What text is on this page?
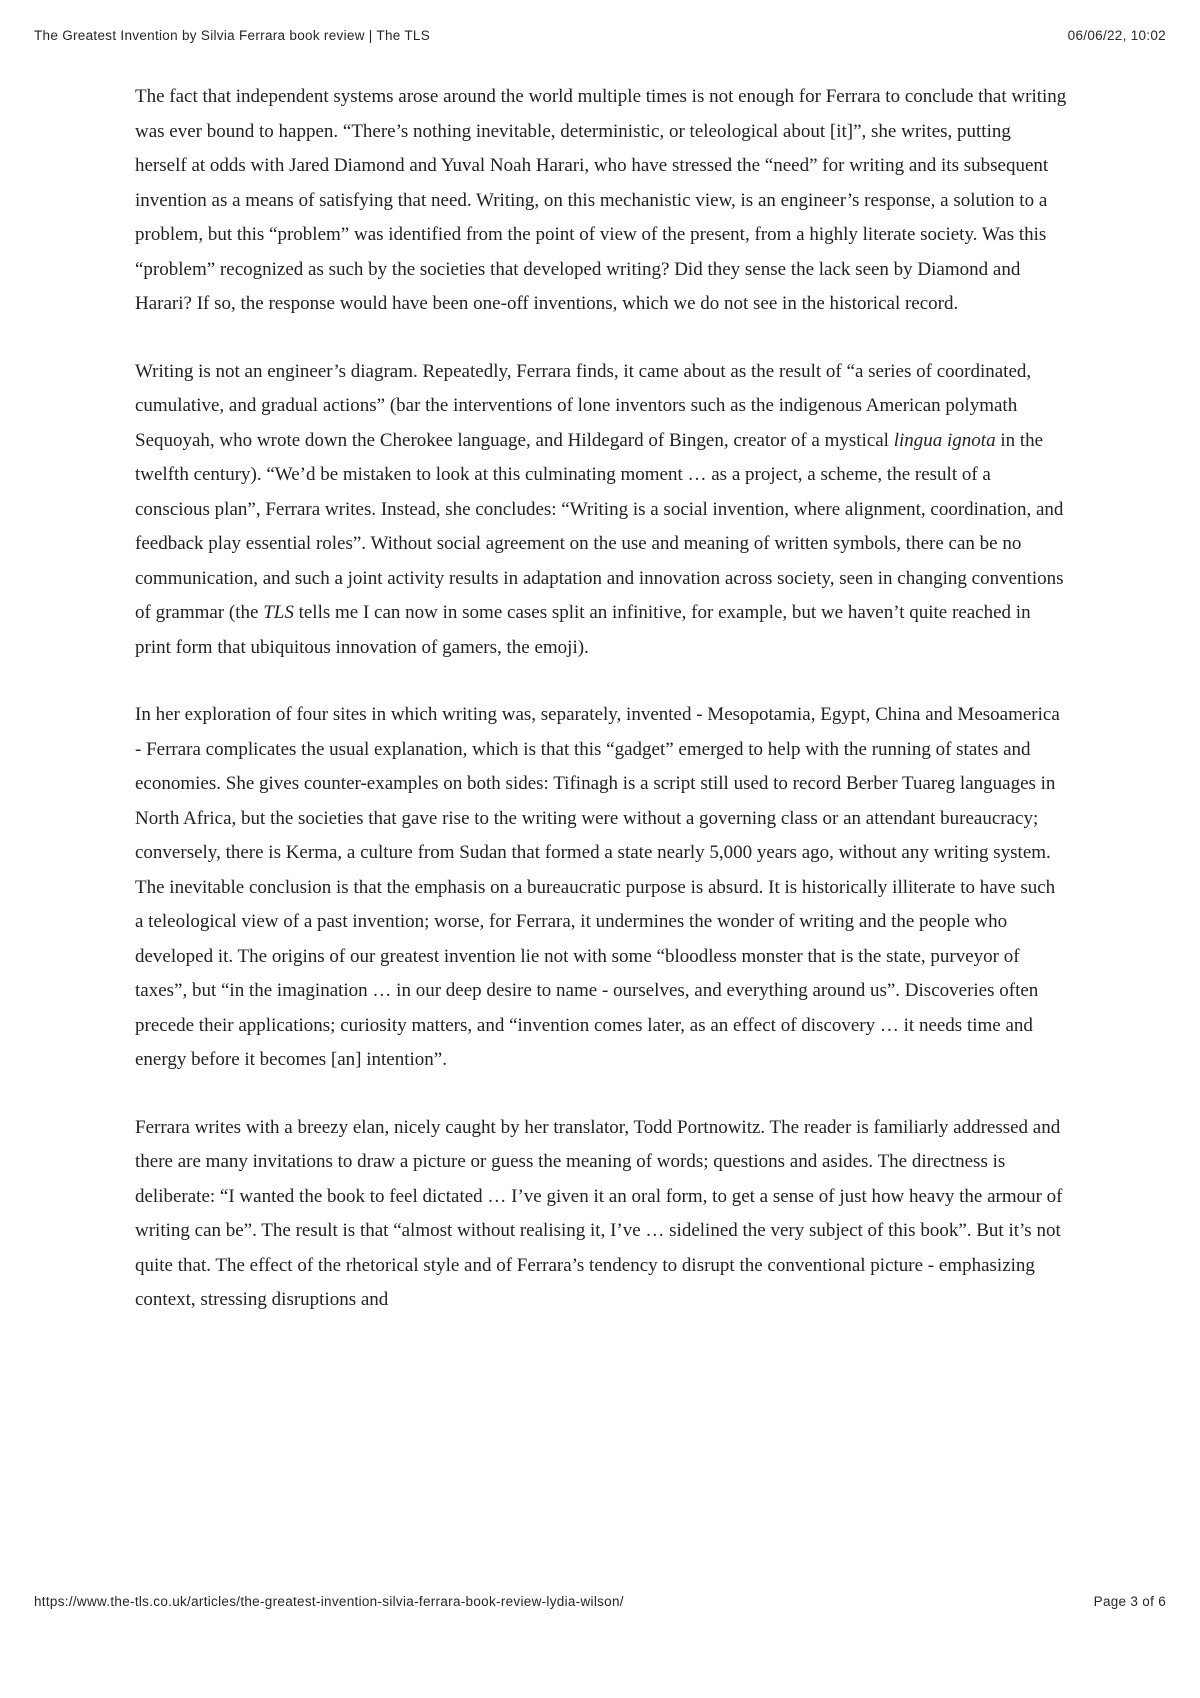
The Greatest Invention by Silvia Ferrara book review | The TLS	06/06/22, 10:02

The fact that independent systems arose around the world multiple times is not enough for Ferrara to conclude that writing was ever bound to happen. “There’s nothing inevitable, deterministic, or teleological about [it]”, she writes, putting herself at odds with Jared Diamond and Yuval Noah Harari, who have stressed the “need” for writing and its subsequent invention as a means of satisfying that need. Writing, on this mechanistic view, is an engineer’s response, a solution to a problem, but this “problem” was identified from the point of view of the present, from a highly literate society. Was this “problem” recognized as such by the societies that developed writing? Did they sense the lack seen by Diamond and Harari? If so, the response would have been one-off inventions, which we do not see in the historical record.

Writing is not an engineer’s diagram. Repeatedly, Ferrara finds, it came about as the result of “a series of coordinated, cumulative, and gradual actions” (bar the interventions of lone inventors such as the indigenous American polymath Sequoyah, who wrote down the Cherokee language, and Hildegard of Bingen, creator of a mystical lingua ignota in the twelfth century). “We’d be mistaken to look at this culminating moment … as a project, a scheme, the result of a conscious plan”, Ferrara writes. Instead, she concludes: “Writing is a social invention, where alignment, coordination, and feedback play essential roles”. Without social agreement on the use and meaning of written symbols, there can be no communication, and such a joint activity results in adaptation and innovation across society, seen in changing conventions of grammar (the TLS tells me I can now in some cases split an infinitive, for example, but we haven’t quite reached in print form that ubiquitous innovation of gamers, the emoji).

In her exploration of four sites in which writing was, separately, invented - Mesopotamia, Egypt, China and Mesoamerica - Ferrara complicates the usual explanation, which is that this “gadget” emerged to help with the running of states and economies. She gives counter-examples on both sides: Tifinagh is a script still used to record Berber Tuareg languages in North Africa, but the societies that gave rise to the writing were without a governing class or an attendant bureaucracy; conversely, there is Kerma, a culture from Sudan that formed a state nearly 5,000 years ago, without any writing system. The inevitable conclusion is that the emphasis on a bureaucratic purpose is absurd. It is historically illiterate to have such a teleological view of a past invention; worse, for Ferrara, it undermines the wonder of writing and the people who developed it. The origins of our greatest invention lie not with some “bloodless monster that is the state, purveyor of taxes”, but “in the imagination … in our deep desire to name - ourselves, and everything around us”. Discoveries often precede their applications; curiosity matters, and “invention comes later, as an effect of discovery … it needs time and energy before it becomes [an] intention”.

Ferrara writes with a breezy elan, nicely caught by her translator, Todd Portnowitz. The reader is familiarly addressed and there are many invitations to draw a picture or guess the meaning of words; questions and asides. The directness is deliberate: “I wanted the book to feel dictated … I’ve given it an oral form, to get a sense of just how heavy the armour of writing can be”. The result is that “almost without realising it, I’ve … sidelined the very subject of this book”. But it’s not quite that. The effect of the rhetorical style and of Ferrara’s tendency to disrupt the conventional picture - emphasizing context, stressing disruptions and

https://www.the-tls.co.uk/articles/the-greatest-invention-silvia-ferrara-book-review-lydia-wilson/	Page 3 of 6
